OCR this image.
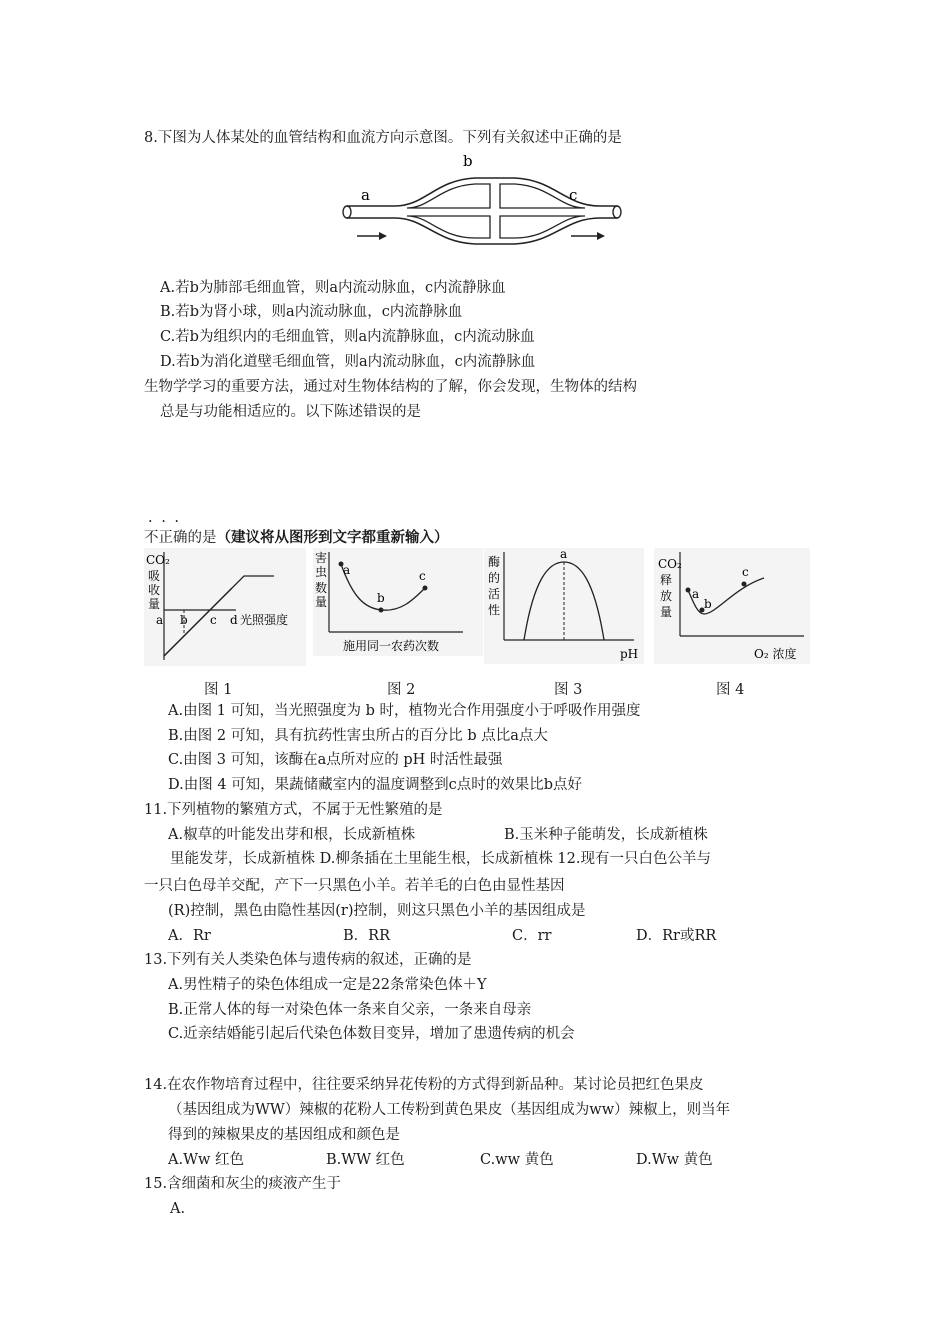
8.下图为人体某处的血管结构和血流方向示意图。下列有关叙述中正确的是
a
b
c
A.若b为肺部毛细血管，则a内流动脉血，c内流静脉血
B.若b为肾小球，则a内流动脉血，c内流静脉血
C.若b为组织内的毛细血管，则a内流静脉血，c内流动脉血
D.若b为消化道壁毛细血管，则a内流动脉血，c内流静脉血
生物学学习的重要方法，通过对生物体结构的了解，你会发现，生物体的结构
总是与功能相适应的。以下陈述错误的是
. . .
不正确的是（建议将从图形到文字都重新输入）
CO₂
吸
收
量
a b c d 光照强度
害
虫
数
量
a
b
c
施用同一农药次数
酶
的
活
性
a
pH
CO₂
释
放
量
a
b
c
O₂ 浓度
图 1	图 2	图 3	图 4
A.由图 1 可知，当光照强度为 b 时，植物光合作用强度小于呼吸作用强度
B.由图 2 可知，具有抗药性害虫所占的百分比 b 点比a点大
C.由图 3 可知，该酶在a点所对应的 pH 时活性最强
D.由图 4 可知，果蔬储藏室内的温度调整到c点时的效果比b点好
11.下列植物的繁殖方式，不属于无性繁殖的是
A.椒草的叶能发出芽和根，长成新植株	B.玉米种子能萌发，长成新植株
里能发芽，长成新植株 D.柳条插在土里能生根，长成新植株 12.现有一只白色公羊与
一只白色母羊交配，产下一只黑色小羊。若羊毛的白色由显性基因
(R)控制，黑色由隐性基因(r)控制，则这只黑色小羊的基因组成是
A．Rr	B．RR	C．rr	D．Rr或RR
13.下列有关人类染色体与遗传病的叙述，正确的是
A.男性精子的染色体组成一定是22条常染色体＋Y
B.正常人体的每一对染色体一条来自父亲，一条来自母亲
C.近亲结婚能引起后代染色体数目变异，增加了患遗传病的机会
14.在农作物培育过程中，往往要采纳异花传粉的方式得到新品种。某讨论员把红色果皮
（基因组成为WW）辣椒的花粉人工传粉到黄色果皮（基因组成为ww）辣椒上，则当年
得到的辣椒果皮的基因组成和颜色是
A.Ww 红色	B.WW 红色	C.ww 黄色	D.Ww 黄色
15.含细菌和灰尘的痰液产生于
A.
